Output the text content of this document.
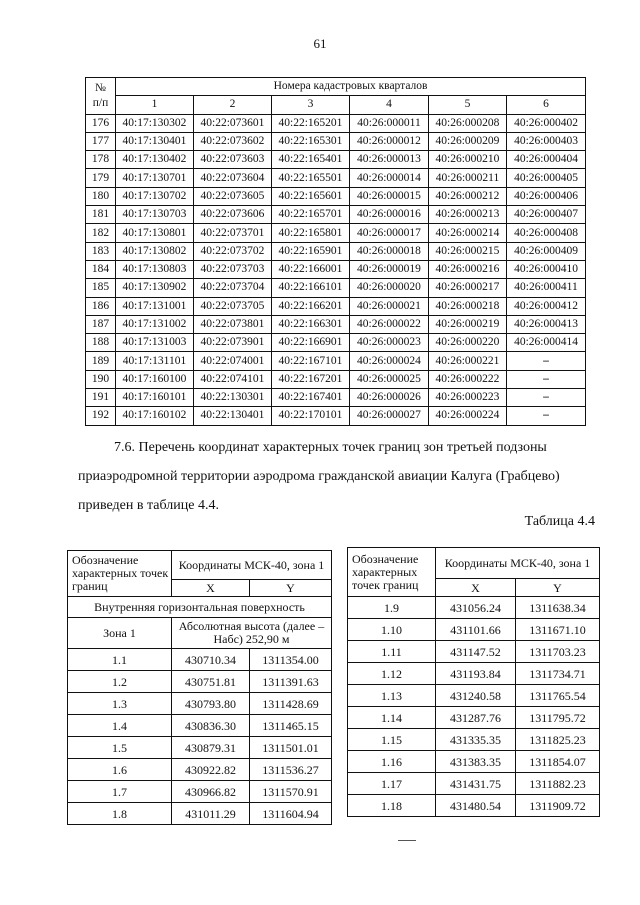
61
№
п/п	Номера кадастровых кварталов					
	1	2	3	4	5	6
176	40:17:130302	40:22:073601	40:22:165201	40:26:000011	40:26:000208	40:26:000402
177	40:17:130401	40:22:073602	40:22:165301	40:26:000012	40:26:000209	40:26:000403
178	40:17:130402	40:22:073603	40:22:165401	40:26:000013	40:26:000210	40:26:000404
179	40:17:130701	40:22:073604	40:22:165501	40:26:000014	40:26:000211	40:26:000405
180	40:17:130702	40:22:073605	40:22:165601	40:26:000015	40:26:000212	40:26:000406
181	40:17:130703	40:22:073606	40:22:165701	40:26:000016	40:26:000213	40:26:000407
182	40:17:130801	40:22:073701	40:22:165801	40:26:000017	40:26:000214	40:26:000408
183	40:17:130802	40:22:073702	40:22:165901	40:26:000018	40:26:000215	40:26:000409
184	40:17:130803	40:22:073703	40:22:166001	40:26:000019	40:26:000216	40:26:000410
185	40:17:130902	40:22:073704	40:22:166101	40:26:000020	40:26:000217	40:26:000411
186	40:17:131001	40:22:073705	40:22:166201	40:26:000021	40:26:000218	40:26:000412
187	40:17:131002	40:22:073801	40:22:166301	40:26:000022	40:26:000219	40:26:000413
188	40:17:131003	40:22:073901	40:22:166901	40:26:000023	40:26:000220	40:26:000414
189	40:17:131101	40:22:074001	40:22:167101	40:26:000024	40:26:000221	–
190	40:17:160100	40:22:074101	40:22:167201	40:26:000025	40:26:000222	–
191	40:17:160101	40:22:130301	40:22:167401	40:26:000026	40:26:000223	–
192	40:17:160102	40:22:130401	40:22:170101	40:26:000027	40:26:000224	–
7.6. Перечень координат характерных точек границ зон третьей подзоны
приаэродромной территории аэродрома гражданской авиации Калуга (Грабцево)
приведен в таблице 4.4.
Таблица 4.4
Обозначение характерных точек границ	Координаты МСК-40, зона 1	
	X	Y
Внутренняя горизонтальная поверхность		
Зона 1	Абсолютная высота (далее – Набс) 252,90 м	
1.1	430710.34	1311354.00
1.2	430751.81	1311391.63
1.3	430793.80	1311428.69
1.4	430836.30	1311465.15
1.5	430879.31	1311501.01
1.6	430922.82	1311536.27
1.7	430966.82	1311570.91
1.8	431011.29	1311604.94
Обозначение характерных точек границ	Координаты МСК-40, зона 1	
	X	Y
1.9	431056.24	1311638.34
1.10	431101.66	1311671.10
1.11	431147.52	1311703.23
1.12	431193.84	1311734.71
1.13	431240.58	1311765.54
1.14	431287.76	1311795.72
1.15	431335.35	1311825.23
1.16	431383.35	1311854.07
1.17	431431.75	1311882.23
1.18	431480.54	1311909.72
